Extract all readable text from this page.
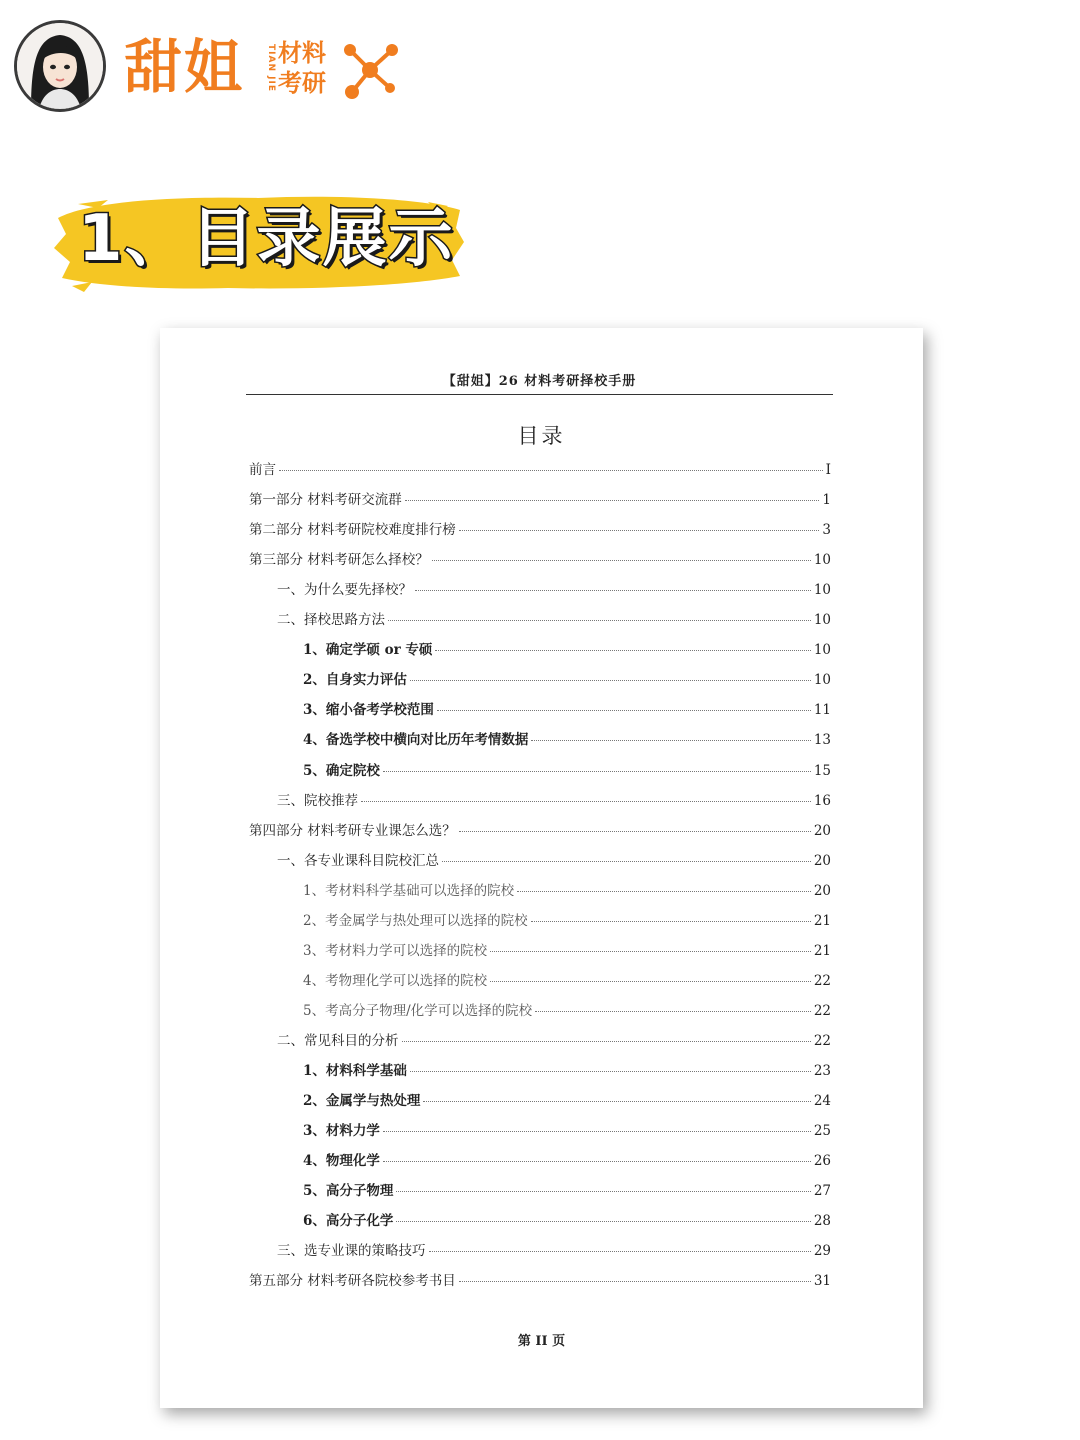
甜姐	TIAN JIE 材料
考研
1、目录展示
【甜姐】26 材料考研择校手册
目录
前言	I
第一部分 材料考研交流群	1
第二部分 材料考研院校难度排行榜	3
第三部分 材料考研怎么择校？	10
一、为什么要先择校？	10
二、择校思路方法	10
1、确定学硕 or 专硕	10
2、自身实力评估	10
3、缩小备考学校范围	11
4、备选学校中横向对比历年考情数据	13
5、确定院校	15
三、院校推荐	16
第四部分 材料考研专业课怎么选？	20
一、各专业课科目院校汇总	20
1、考材料科学基础可以选择的院校	20
2、考金属学与热处理可以选择的院校	21
3、考材料力学可以选择的院校	21
4、考物理化学可以选择的院校	22
5、考高分子物理/化学可以选择的院校	22
二、常见科目的分析	22
1、材料科学基础	23
2、金属学与热处理	24
3、材料力学	25
4、物理化学	26
5、高分子物理	27
6、高分子化学	28
三、选专业课的策略技巧	29
第五部分 材料考研各院校参考书目	31
第 II 页
